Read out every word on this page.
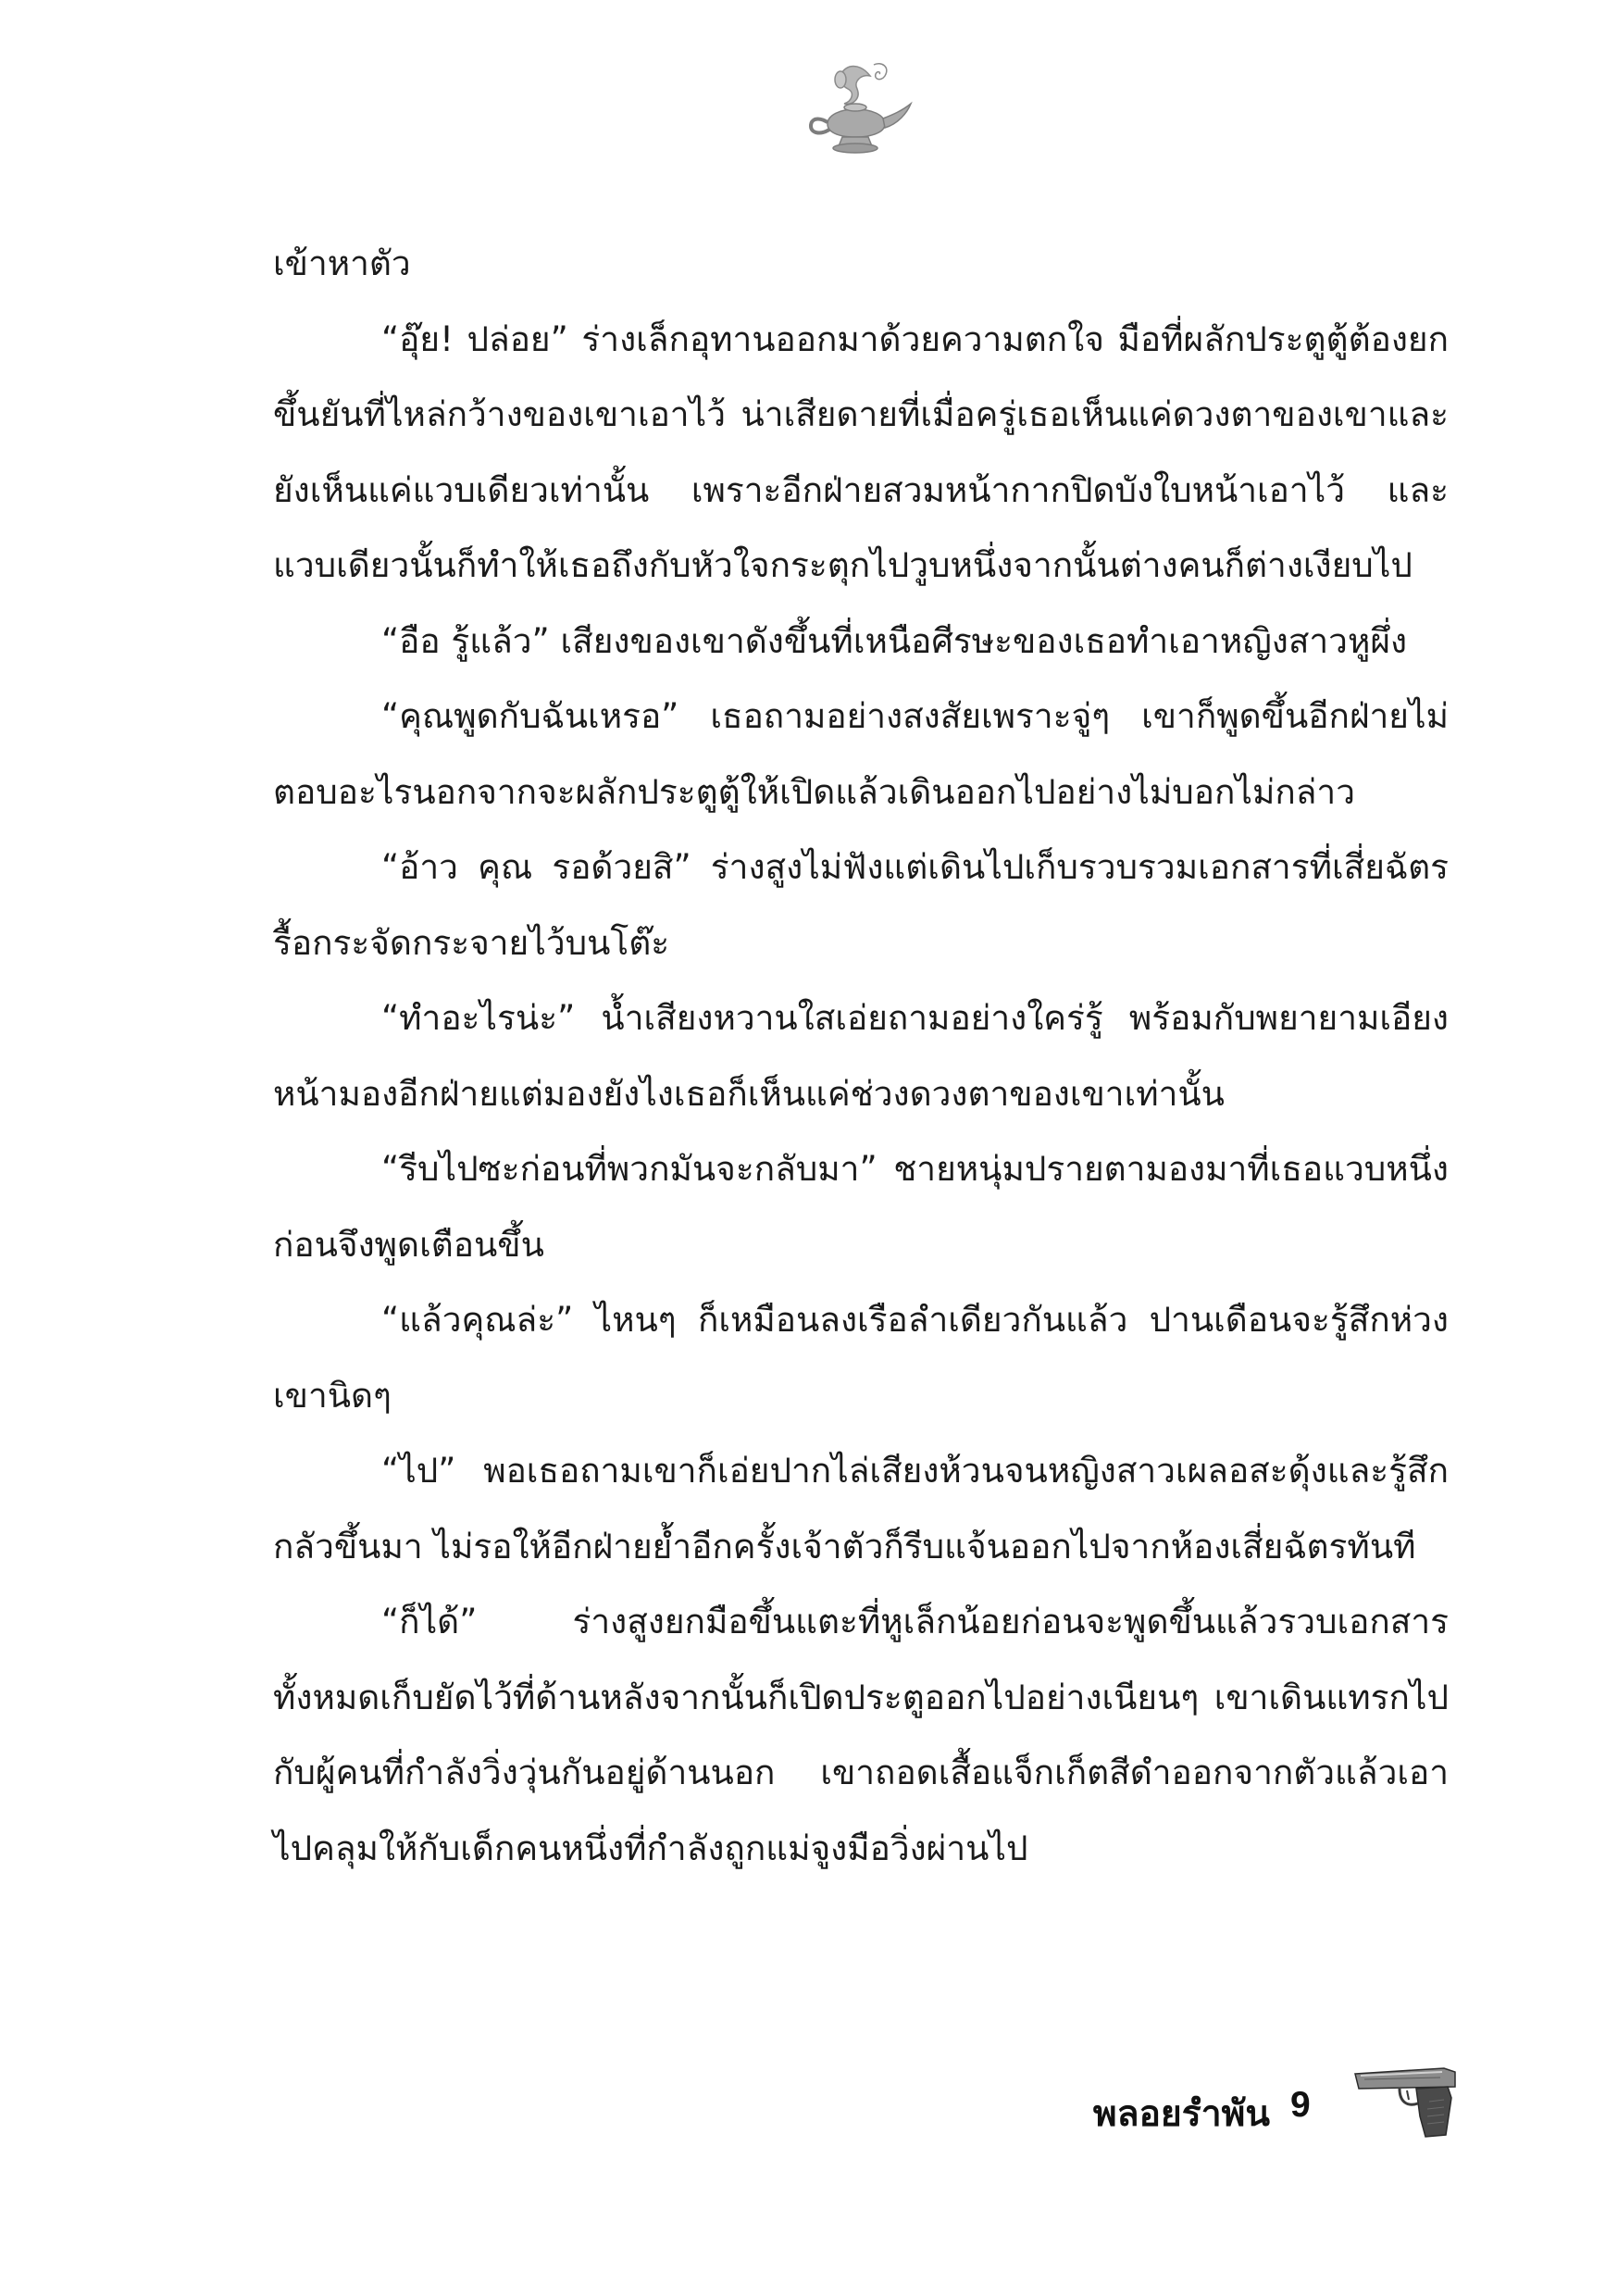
เข้าหาตัว

“อุ๊ย! ปล่อย” ร่างเล็กอุทานออกมาด้วยความตกใจ มือที่ผลักประตูตู้ต้องยกขึ้นยันที่ไหล่กว้างของเขาเอาไว้ น่าเสียดายที่เมื่อครู่เธอเห็นแค่ดวงตาของเขาและยังเห็นแค่แวบเดียวเท่านั้น เพราะอีกฝ่ายสวมหน้ากากปิดบังใบหน้าเอาไว้ และแวบเดียวนั้นก็ทำให้เธอถึงกับหัวใจกระตุกไปวูบหนึ่งจากนั้นต่างคนก็ต่างเงียบไป

“อือ รู้แล้ว” เสียงของเขาดังขึ้นที่เหนือศีรษะของเธอทำเอาหญิงสาวหูผึ่ง

“คุณพูดกับฉันเหรอ” เธอถามอย่างสงสัยเพราะจู่ๆ เขาก็พูดขึ้นอีกฝ่ายไม่ตอบอะไรนอกจากจะผลักประตูตู้ให้เปิดแล้วเดินออกไปอย่างไม่บอกไม่กล่าว

“อ้าว คุณ รอด้วยสิ” ร่างสูงไม่ฟังแต่เดินไปเก็บรวบรวมเอกสารที่เสี่ยฉัตรรื้อกระจัดกระจายไว้บนโต๊ะ

“ทำอะไรน่ะ” น้ำเสียงหวานใสเอ่ยถามอย่างใคร่รู้ พร้อมกับพยายามเอียงหน้ามองอีกฝ่ายแต่มองยังไงเธอก็เห็นแค่ช่วงดวงตาของเขาเท่านั้น

“รีบไปซะก่อนที่พวกมันจะกลับมา” ชายหนุ่มปรายตามองมาที่เธอแวบหนึ่งก่อนจึงพูดเตือนขึ้น

“แล้วคุณล่ะ” ไหนๆ ก็เหมือนลงเรือลำเดียวกันแล้ว ปานเดือนจะรู้สึกห่วงเขานิดๆ

“ไป” พอเธอถามเขาก็เอ่ยปากไล่เสียงห้วนจนหญิงสาวเผลอสะดุ้งและรู้สึกกลัวขึ้นมา ไม่รอให้อีกฝ่ายย้ำอีกครั้งเจ้าตัวก็รีบแจ้นออกไปจากห้องเสี่ยฉัตรทันที

“ก็ได้” ร่างสูงยกมือขึ้นแตะที่หูเล็กน้อยก่อนจะพูดขึ้นแล้วรวบเอกสารทั้งหมดเก็บยัดไว้ที่ด้านหลังจากนั้นก็เปิดประตูออกไปอย่างเนียนๆ เขาเดินแทรกไปกับผู้คนที่กำลังวิ่งวุ่นกันอยู่ด้านนอก เขาถอดเสื้อแจ็กเก็ตสีดำออกจากตัวแล้วเอาไปคลุมให้กับเด็กคนหนึ่งที่กำลังถูกแม่จูงมือวิ่งผ่านไป

พลอยรำพัน 9
